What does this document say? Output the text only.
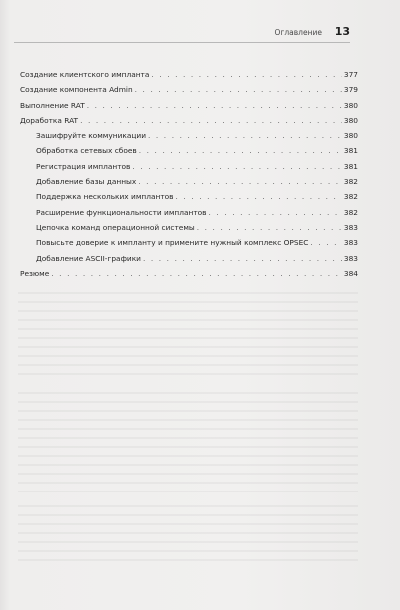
Оглавление 13
Создание клиентского импланта . . .	377
Создание компонента Admin . . .	379
Выполнение RAT . . .	380
Доработка RAT . . .	380
Зашифруйте коммуникации . . .	380
Обработка сетевых сбоев . . .	381
Регистрация имплантов . . .	381
Добавление базы данных . . .	382
Поддержка нескольких имплантов . . .	382
Расширение функциональности имплантов . . .	382
Цепочка команд операционной системы . . .	383
Повысьте доверие к импланту и примените нужный комплекс OPSEC . . .	383
Добавление ASCII-графики . . .	383
Резюме . . .	384
